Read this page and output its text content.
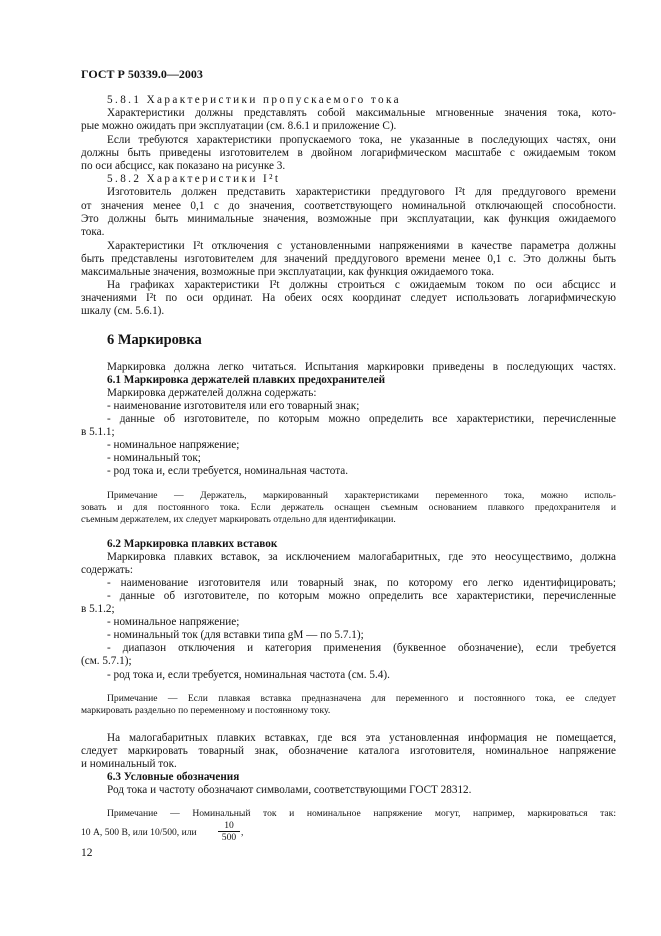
ГОСТ Р 50339.0—2003
5.8.1 Характеристики пропускаемого тока
Характеристики должны представлять собой максимальные мгновенные значения тока, кото-
рые можно ожидать при эксплуатации (см. 8.6.1 и приложение С).
Если требуются характеристики пропускаемого тока, не указанные в последующих частях, они
должны быть приведены изготовителем в двойном логарифмическом масштабе с ожидаемым током
по оси абсцисс, как показано на рисунке 3.
5.8.2 Характеристики I²t
Изготовитель должен представить характеристики преддугового I²t для преддугового времени
от значения менее 0,1 с до значения, соответствующего номинальной отключающей способности.
Это должны быть минимальные значения, возможные при эксплуатации, как функция ожидаемого
тока.
Характеристики I²t отключения с установленными напряжениями в качестве параметра должны
быть представлены изготовителем для значений преддугового времени менее 0,1 с. Это должны быть
максимальные значения, возможные при эксплуатации, как функция ожидаемого тока.
На графиках характеристики I²t должны строиться с ожидаемым током по оси абсцисс и
значениями I²t по оси ординат. На обеих осях координат следует использовать логарифмическую
шкалу (см. 5.6.1).
Маркировка должна легко читаться. Испытания маркировки приведены в последующих частях.
6.1 Маркировка держателей плавких предохранителей
Маркировка держателей должна содержать:
- наименование изготовителя или его товарный знак;
- данные об изготовителе, по которым можно определить все характеристики, перечисленные
в 5.1.1;
- номинальное напряжение;
- номинальный ток;
- род тока и, если требуется, номинальная частота.
Примечание — Держатель, маркированный характеристиками переменного тока, можно исполь-
зовать и для постоянного тока. Если держатель оснащен съемным основанием плавкого предохранителя и
съемным держателем, их следует маркировать отдельно для идентификации.
6.2 Маркировка плавких вставок
Маркировка плавких вставок, за исключением малогабаритных, где это неосуществимо, должна
содержать:
- наименование изготовителя или товарный знак, по которому его легко идентифицировать;
- данные об изготовителе, по которым можно определить все характеристики, перечисленные
в 5.1.2;
- номинальное напряжение;
- номинальный ток (для вставки типа gM — по 5.7.1);
- диапазон отключения и категория применения (буквенное обозначение), если требуется
(см. 5.7.1);
- род тока и, если требуется, номинальная частота (см. 5.4).
Примечание — Если плавкая вставка предназначена для переменного и постоянного тока, ее следует
маркировать раздельно по переменному и постоянному току.
На малогабаритных плавких вставках, где вся эта установленная информация не помещается,
следует маркировать товарный знак, обозначение каталога изготовителя, номинальное напряжение
и номинальный ток.
6.3 Условные обозначения
Род тока и частоту обозначают символами, соответствующими ГОСТ 28312.
Примечание — Номинальный ток и номинальное напряжение могут, например, маркироваться так:
10 А, 500 В, или 10/500, или
6 Маркировка
10
500 ,
12
